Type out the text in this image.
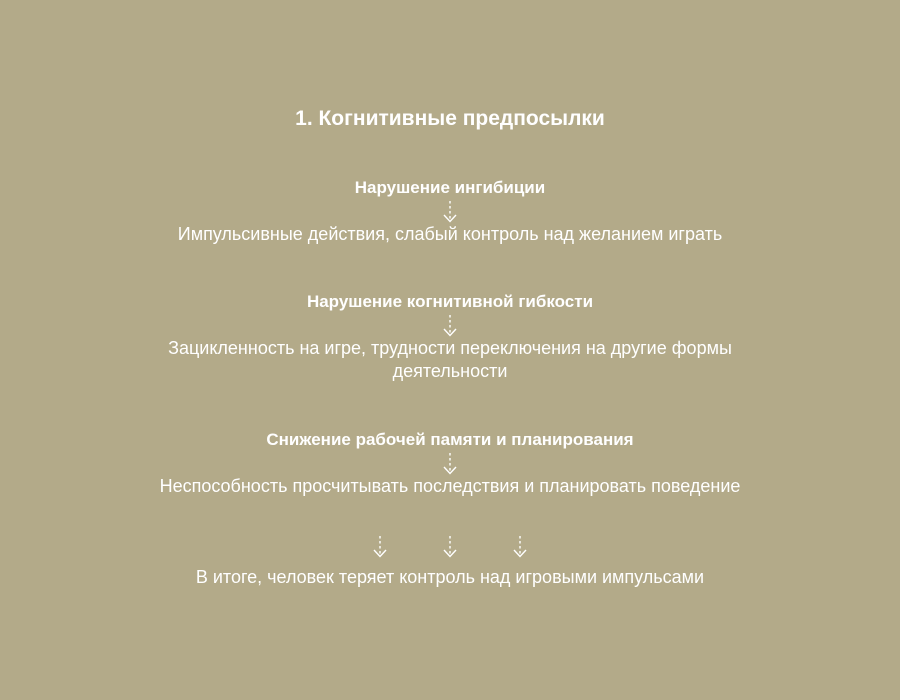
1. Когнитивные предпосылки
Нарушение ингибиции
Импульсивные действия, слабый контроль над желанием играть
Нарушение когнитивной гибкости
Зацикленность на игре, трудности переключения на другие формы деятельности
Снижение рабочей памяти и планирования
Неспособность просчитывать последствия и планировать поведение
В итоге, человек теряет контроль над игровыми импульсами
